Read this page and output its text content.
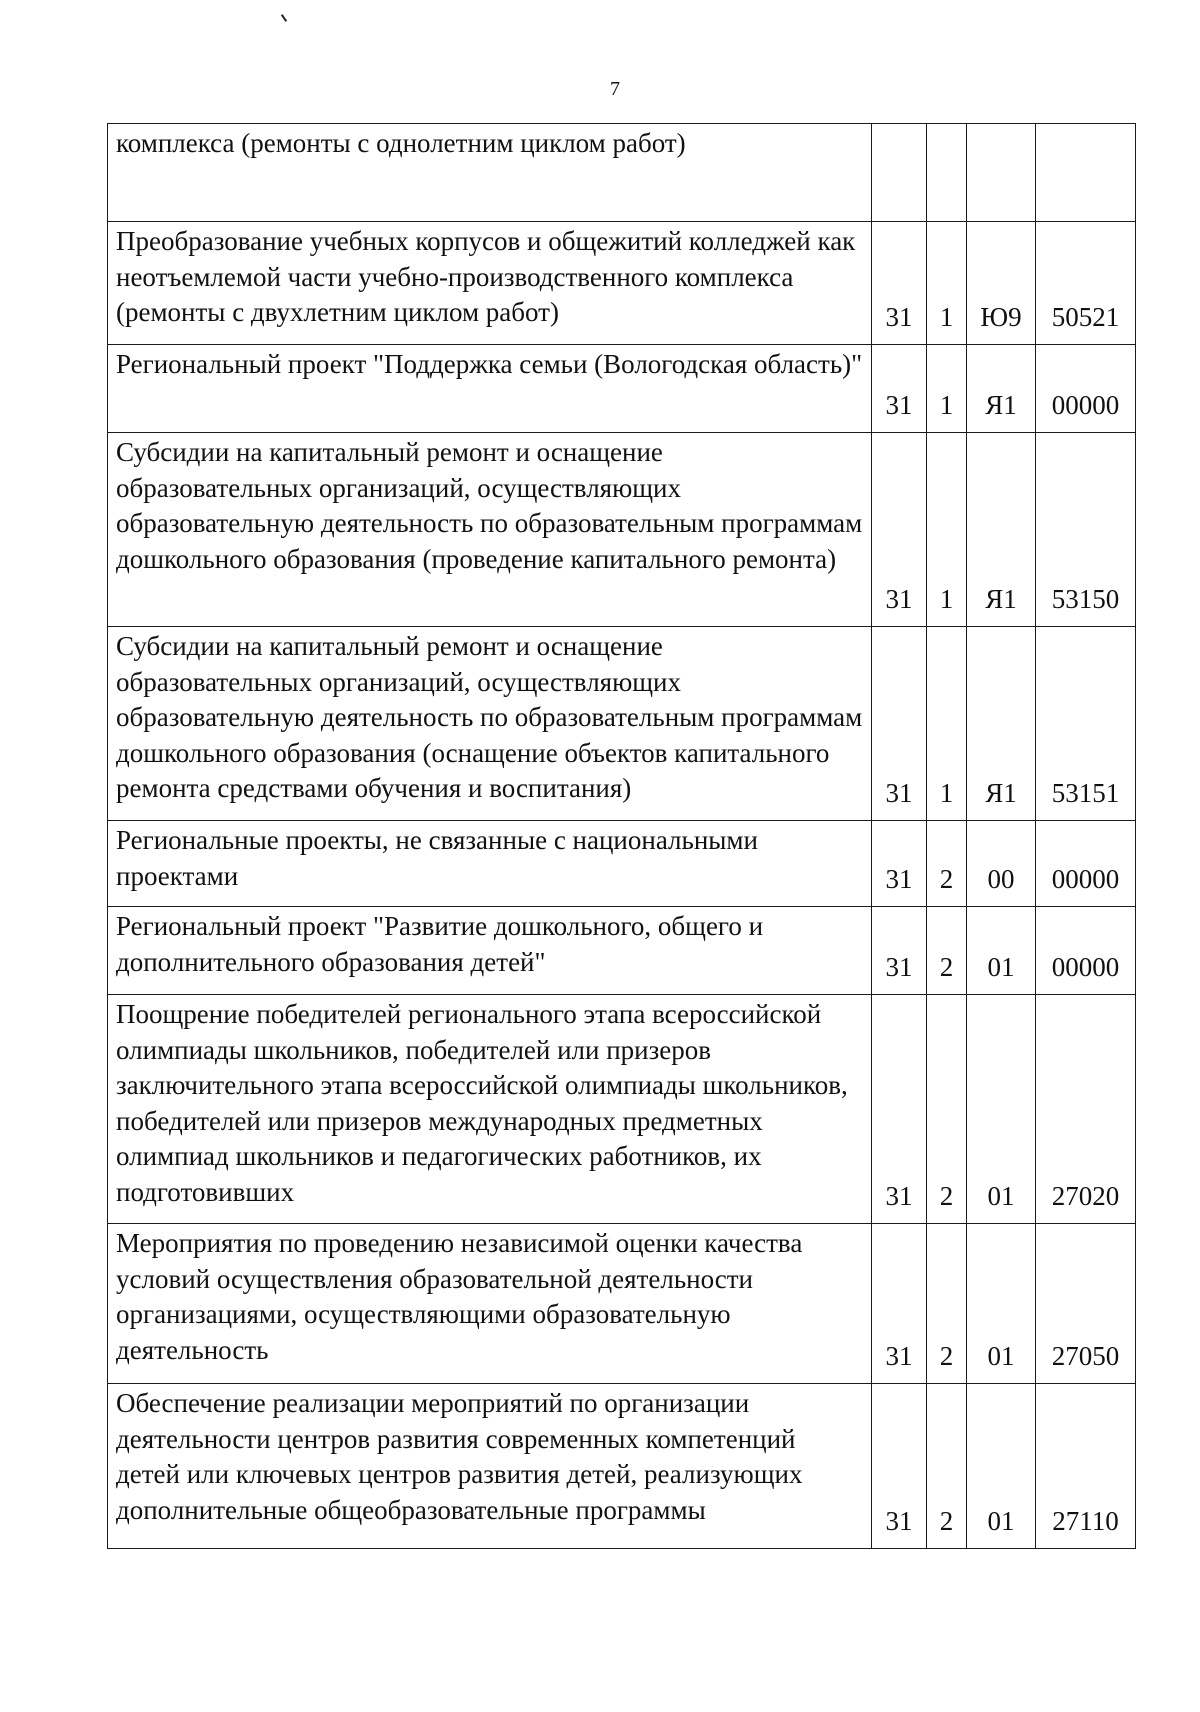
7
комплекса (ремонты с однолетним циклом работ)				
Преобразование учебных корпусов и общежитий колледжей как неотъемлемой части учебно-производственного комплекса (ремонты с двухлетним циклом работ)	31	1	Ю9	50521
Региональный проект "Поддержка семьи (Вологодская область)"	31	1	Я1	00000
Субсидии на капитальный ремонт и оснащение образовательных организаций, осуществляющих образовательную деятельность по образовательным программам дошкольного образования (проведение капитального ремонта)	31	1	Я1	53150
Субсидии на капитальный ремонт и оснащение образовательных организаций, осуществляющих образовательную деятельность по образовательным программам дошкольного образования (оснащение объектов капитального ремонта средствами обучения и воспитания)	31	1	Я1	53151
Региональные проекты, не связанные с национальными проектами	31	2	00	00000
Региональный проект "Развитие дошкольного, общего и дополнительного образования детей"	31	2	01	00000
Поощрение победителей регионального этапа всероссийской олимпиады школьников, победителей или призеров заключительного этапа всероссийской олимпиады школьников, победителей или призеров международных предметных олимпиад школьников и педагогических работников, их подготовивших	31	2	01	27020
Мероприятия по проведению независимой оценки качества условий осуществления образовательной деятельности организациями, осуществляющими образовательную деятельность	31	2	01	27050
Обеспечение реализации мероприятий по организации деятельности центров развития современных компетенций детей или ключевых центров развития детей, реализующих дополнительные общеобразовательные программы	31	2	01	27110
